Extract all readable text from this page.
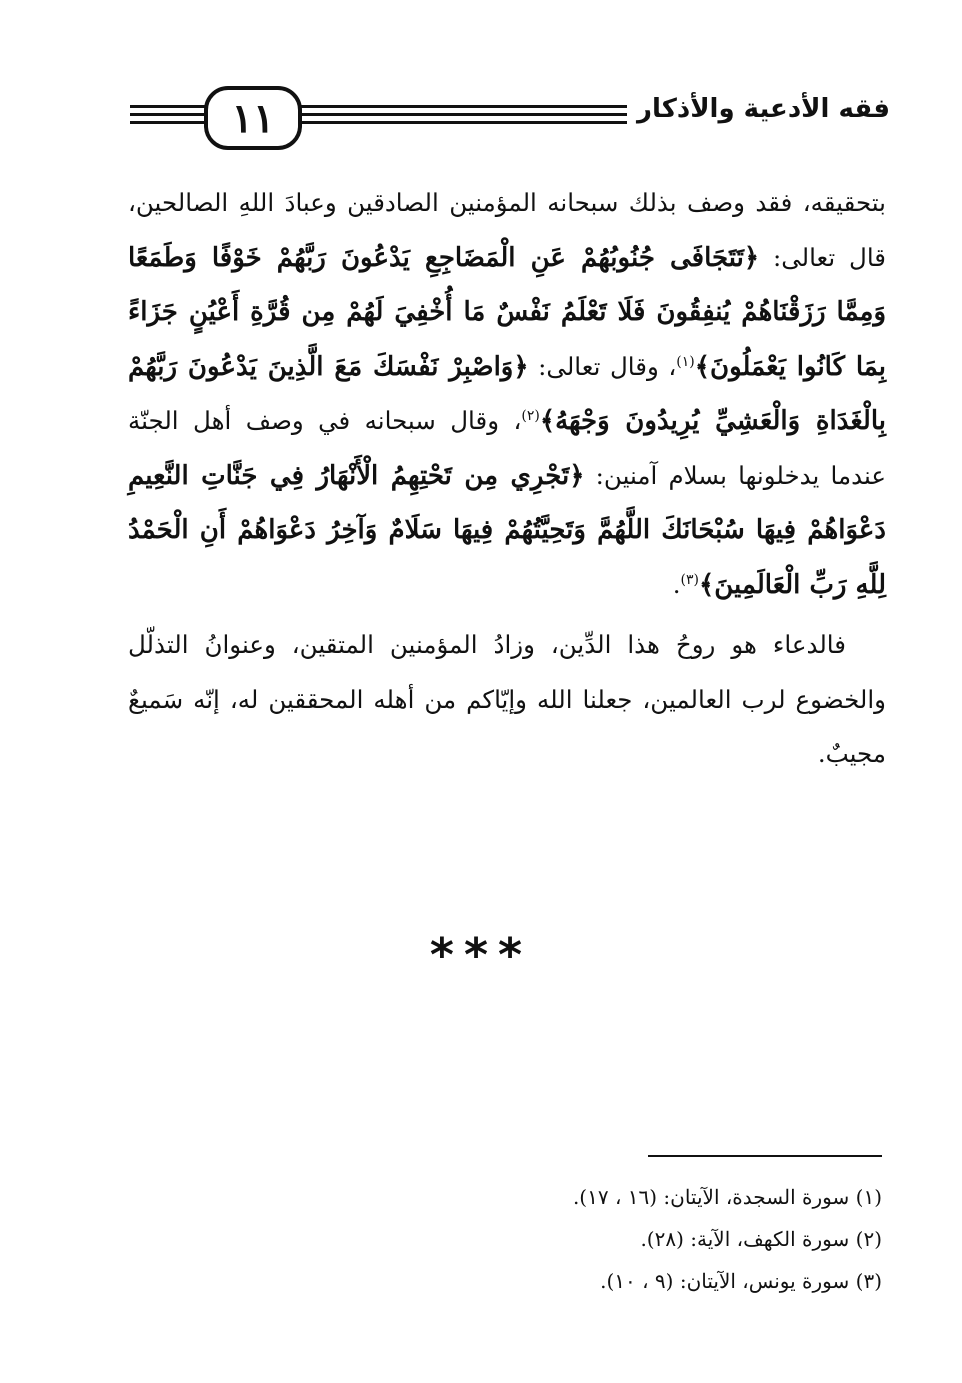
١١	فقه الأدعية والأذكار

بتحقيقه، فقد وصف بذلك سبحانه المؤمنين الصادقين وعبادَ اللهِ الصالحين، قال تعالى: ﴿تَتَجَافَى جُنُوبُهُمْ عَنِ الْمَضَاجِعِ يَدْعُونَ رَبَّهُمْ خَوْفًا وَطَمَعًا وَمِمَّا رَزَقْنَاهُمْ يُنفِقُونَ فَلَا تَعْلَمُ نَفْسٌ مَا أُخْفِيَ لَهُمْ مِن قُرَّةِ أَعْيُنٍ جَزَاءً بِمَا كَانُوا يَعْمَلُونَ﴾$^{(١)}$، وقال تعالى: ﴿وَاصْبِرْ نَفْسَكَ مَعَ الَّذِينَ يَدْعُونَ رَبَّهُمْ بِالْغَدَاةِ وَالْعَشِيِّ يُرِيدُونَ وَجْهَهُ﴾$^{(٢)}$، وقال سبحانه في وصف أهل الجنّة عندما يدخلونها بسلام آمنين: ﴿تَجْرِي مِن تَحْتِهِمُ الْأَنْهَارُ فِي جَنَّاتِ النَّعِيمِ دَعْوَاهُمْ فِيهَا سُبْحَانَكَ اللَّهُمَّ وَتَحِيَّتُهُمْ فِيهَا سَلَامٌ وَآخِرُ دَعْوَاهُمْ أَنِ الْحَمْدُ لِلَّهِ رَبِّ الْعَالَمِينَ﴾$^{(٣)}$.

فالدعاء هو روحُ هذا الدِّين، وزادُ المؤمنين المتقين، وعنوانُ التذلّل والخضوع لرب العالمين، جعلنا الله وإيّاكم من أهله المحققين له، إنّه سَميعٌ مجيبٌ.

***
(١) سورة السجدة، الآيتان: (١٦ ، ١٧).
(٢) سورة الكهف، الآية: (٢٨).
(٣) سورة يونس، الآيتان: (٩ ، ١٠).
